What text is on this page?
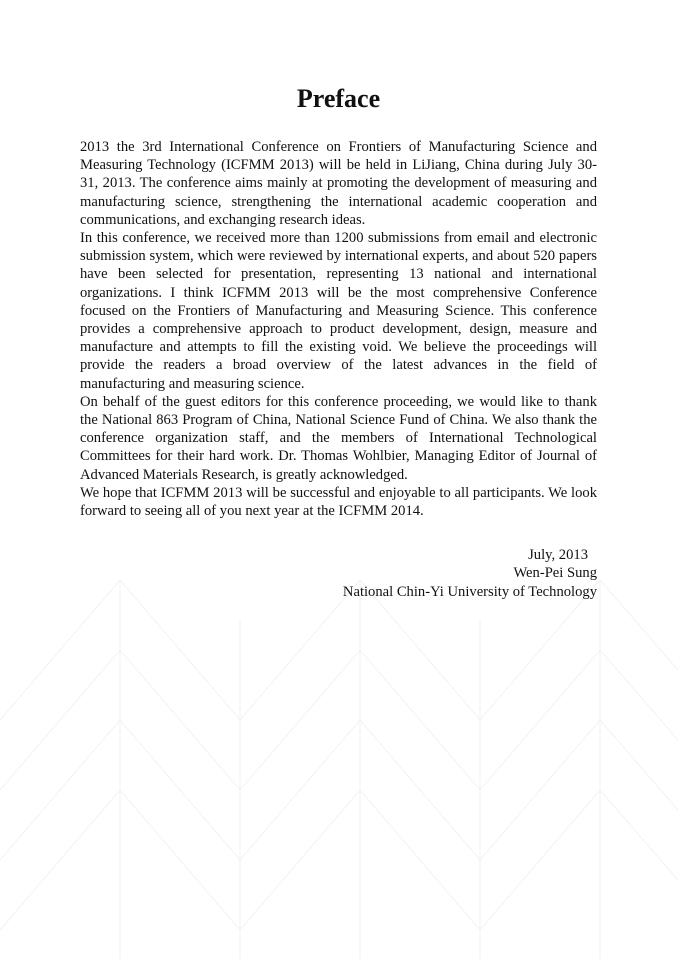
Preface

2013 the 3rd International Conference on Frontiers of Manufacturing Science and Measuring Technology (ICFMM 2013) will be held in LiJiang, China during July 30-31, 2013. The conference aims mainly at promoting the development of measuring and manufacturing science, strengthening the international academic cooperation and communications, and exchanging research ideas.

In this conference, we received more than 1200 submissions from email and electronic submission system, which were reviewed by international experts, and about 520 papers have been selected for presentation, representing 13 national and international organizations. I think ICFMM 2013 will be the most comprehensive Conference focused on the Frontiers of Manufacturing and Measuring Science. This conference provides a comprehensive approach to product development, design, measure and manufacture and attempts to fill the existing void. We believe the proceedings will provide the readers a broad overview of the latest advances in the field of manufacturing and measuring science.

On behalf of the guest editors for this conference proceeding, we would like to thank the National 863 Program of China, National Science Fund of China. We also thank the conference organization staff, and the members of International Technological Committees for their hard work. Dr. Thomas Wohlbier, Managing Editor of Journal of Advanced Materials Research, is greatly acknowledged.

We hope that ICFMM 2013 will be successful and enjoyable to all participants. We look forward to seeing all of you next year at the ICFMM 2014.

July, 2013
Wen-Pei Sung
National Chin-Yi University of Technology
